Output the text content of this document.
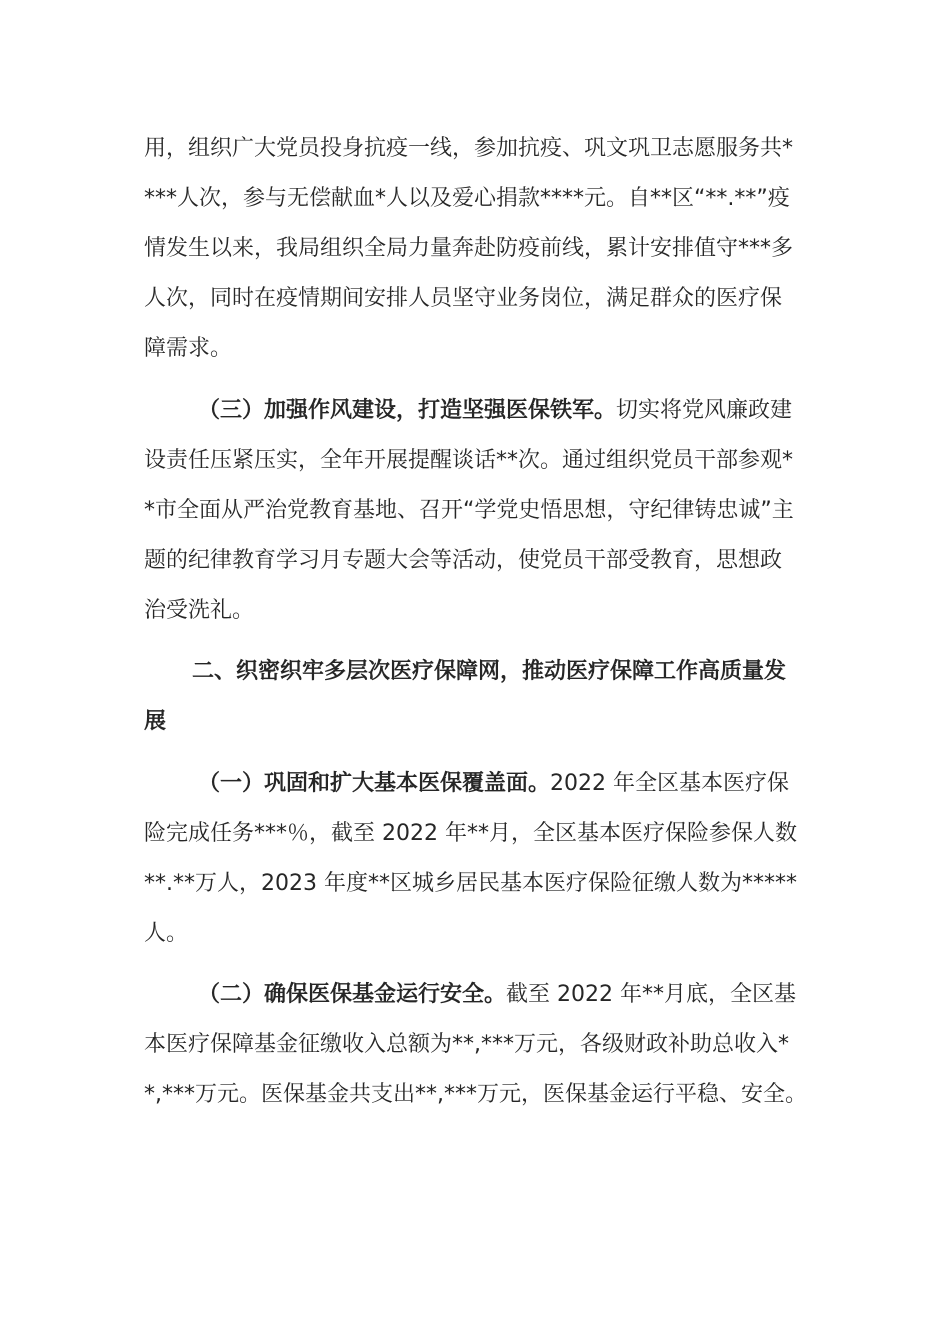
用，组织广大党员投身抗疫一线，参加抗疫、巩文巩卫志愿服务共*
***人次，参与无偿献血*人以及爱心捐款****元。自**区“**.**”疫
情发生以来，我局组织全局力量奔赴防疫前线，累计安排值守***多
人次，同时在疫情期间安排人员坚守业务岗位，满足群众的医疗保
障需求。
（三）加强作风建设，打造坚强医保铁军。切实将党风廉政建
设责任压紧压实，全年开展提醒谈话**次。通过组织党员干部参观*
*市全面从严治党教育基地、召开“学党史悟思想，守纪律铸忠诚”主
题的纪律教育学习月专题大会等活动，使党员干部受教育，思想政
治受洗礼。
二、织密织牢多层次医疗保障网，推动医疗保障工作高质量发
展
（一）巩固和扩大基本医保覆盖面。2022 年全区基本医疗保
险完成任务***％，截至 2022 年**月，全区基本医疗保险参保人数
**.**万人，2023 年度**区城乡居民基本医疗保险征缴人数为*****
人。
（二）确保医保基金运行安全。截至 2022 年**月底，全区基
本医疗保障基金征缴收入总额为**,***万元，各级财政补助总收入*
*,***万元。医保基金共支出**,***万元，医保基金运行平稳、安全。
